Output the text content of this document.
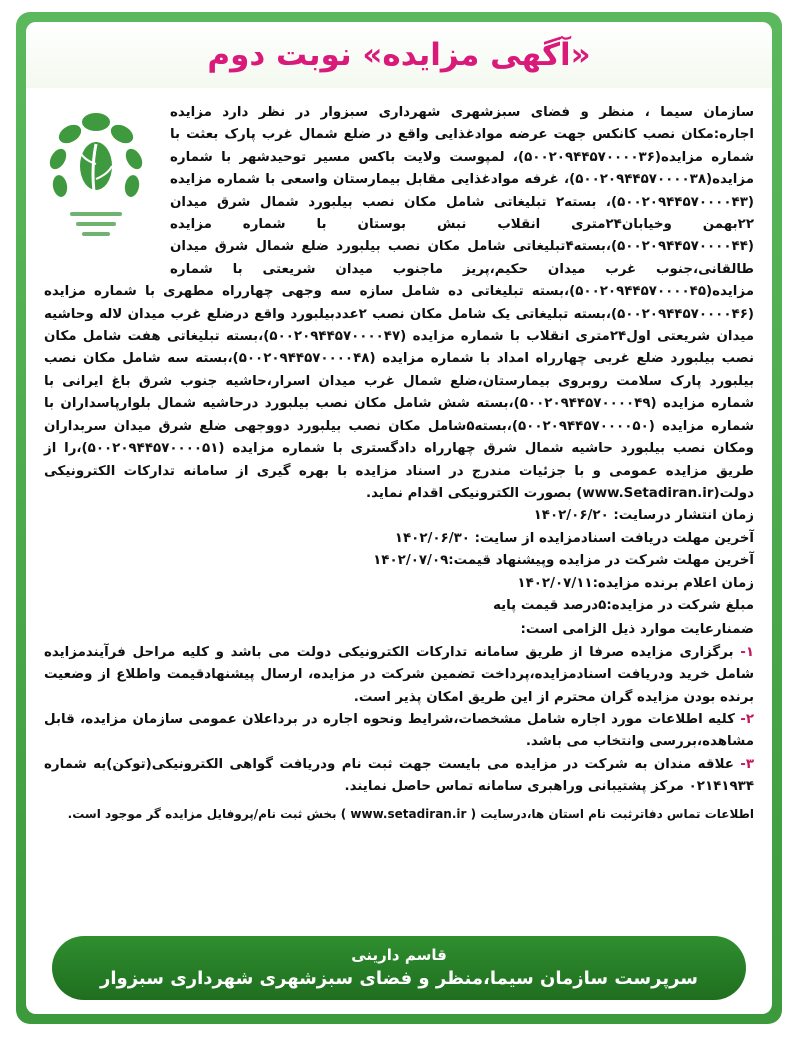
«آگهی مزایده» نوبت دوم

سازمان سیما ، منظر و فضای سبزشهری شهرداری سبزوار در نظر دارد مزایده اجاره:مکان نصب کانکس جهت عرضه موادغذایی واقع در ضلع شمال غرب پارک بعثت با شماره مزایده(۵۰۰۲۰۹۴۴۵۷۰۰۰۰۳۶)، لمپوست ولایت باکس مسیر توحیدشهر با شماره مزایده(۵۰۰۲۰۹۴۴۵۷۰۰۰۰۳۸)، غرفه موادغذایی مقابل بیمارستان واسعی با شماره مزایده (۵۰۰۲۰۹۴۴۵۷۰۰۰۰۴۳)، بسته۲ تبلیغاتی شامل مکان نصب بیلبورد شمال شرق میدان ۲۲بهمن وخیابان۲۴متری انقلاب نبش بوستان با شماره مزایده (۵۰۰۲۰۹۴۴۵۷۰۰۰۰۴۴)،بسته۴تبلیغاتی شامل مکان نصب بیلبورد ضلع شمال شرق میدان طالقانی،جنوب غرب میدان حکیم،پریز ماجنوب میدان شریعتی با شماره مزایده(۵۰۰۲۰۹۴۴۵۷۰۰۰۰۴۵)،بسته تبلیغاتی ده شامل سازه سه وجهی چهارراه مطهری با شماره مزایده (۵۰۰۲۰۹۴۴۵۷۰۰۰۰۴۶)،بسته تبلیغاتی یک شامل مکان نصب ۲عددبیلبورد واقع درضلع غرب میدان لاله وحاشیه میدان شریعتی اول۲۴متری انقلاب با شماره مزایده (۵۰۰۲۰۹۴۴۵۷۰۰۰۰۴۷)،بسته تبلیغاتی هفت شامل مکان نصب بیلبورد ضلع غربی چهارراه امداد با شماره مزایده (۵۰۰۲۰۹۴۴۵۷۰۰۰۰۴۸)،بسته سه شامل مکان نصب بیلبورد پارک سلامت روبروی بیمارستان،ضلع شمال غرب میدان اسرار،حاشیه جنوب شرق باغ ایرانی با شماره مزایده (۵۰۰۲۰۹۴۴۵۷۰۰۰۰۴۹)،بسته شش شامل مکان نصب بیلبورد درحاشیه شمال بلوارپاسداران با شماره مزایده (۵۰۰۲۰۹۴۴۵۷۰۰۰۰۵۰)،بسته۵شامل مکان نصب بیلبورد دووجهی ضلع شرق میدان سربداران ومکان نصب بیلبورد حاشیه شمال شرق چهارراه دادگستری با شماره مزایده (۵۰۰۲۰۹۴۴۵۷۰۰۰۰۵۱)،را از طریق مزایده عمومی و با جزئیات مندرج در اسناد مزایده با بهره گیری از سامانه تدارکات الکترونیکی دولت(www.Setadiran.ir) بصورت الکترونیکی اقدام نماید.

زمان انتشار درسایت: ۱۴۰۲/۰۶/۲۰

آخرین مهلت دریافت اسنادمزایده از سایت: ۱۴۰۲/۰۶/۳۰

آخرین مهلت شرکت در مزایده وپیشنهاد قیمت:۱۴۰۲/۰۷/۰۹

زمان اعلام برنده مزایده:۱۴۰۲/۰۷/۱۱

مبلغ شرکت در مزایده:۵درصد قیمت پایه

ضمنارعایت موارد ذیل الزامی است:

۱- برگزاری مزایده صرفا از طریق سامانه تدارکات الکترونیکی دولت می باشد و کلیه مراحل فرآیندمزایده شامل خرید ودریافت اسنادمزایده،پرداخت تضمین شرکت در مزایده، ارسال پیشنهادقیمت واطلاع از وضعیت برنده بودن مزایده گران محترم از این طریق امکان پذیر است.

۲- کلیه اطلاعات مورد اجاره شامل مشخصات،شرایط ونحوه اجاره در برداعلان عمومی سازمان مزایده، قابل مشاهده،بررسی وانتخاب می باشد.

۳- علاقه مندان به شرکت در مزایده می بایست جهت ثبت نام ودریافت گواهی الکترونیکی(توکن)به شماره ۰۲۱۴۱۹۳۴ مرکز پشتیبانی وراهبری سامانه تماس حاصل نمایند.

اطلاعات تماس دفاترثبت نام استان ها،درسایت ( www.setadiran.ir ) بخش ثبت نام/پروفایل مزایده گر موجود است.

قاسم دارینی
سرپرست سازمان سیما،منظر و فضای سبزشهری شهرداری سبزوار
